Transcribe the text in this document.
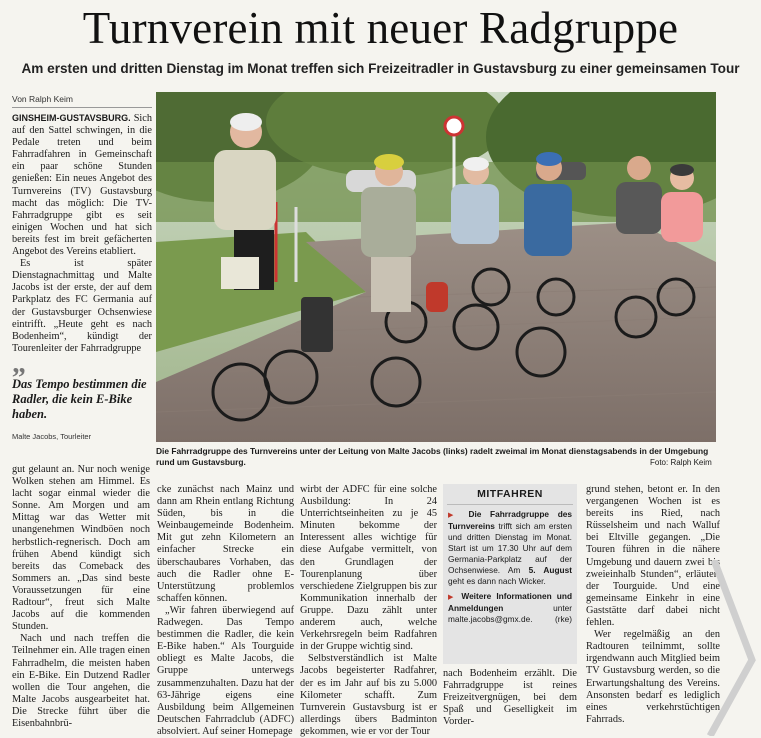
Turnverein mit neuer Radgruppe
Am ersten und dritten Dienstag im Monat treffen sich Freizeitradler in Gustavsburg zu einer gemeinsamen Tour
Von Ralph Keim

GINSHEIM-GUSTAVSBURG. Sich auf den Sattel schwingen, in die Pedale treten und beim Fahrradfahren in Gemeinschaft ein paar schöne Stunden genießen: Ein neues Angebot des Turnvereins (TV) Gustavsburg macht das möglich: Die TV-Fahrradgruppe gibt es seit einigen Wochen und hat sich bereits fest im breit gefächerten Angebot des Vereins etabliert.

Es ist später Dienstagnachmittag und Malte Jacobs ist der erste, der auf dem Parkplatz des FC Germania auf der Gustavsburger Ochsenwiese eintrifft. „Heute geht es nach Bodenheim“, kündigt der Tourenleiter der Fahrradgruppe

„
Das Tempo bestimmen die Radler, die kein E-Bike haben.
Malte Jacobs, Tourleiter
Die Fahrradgruppe des Turnvereins unter der Leitung von Malte Jacobs (links) radelt zweimal im Monat dienstagsabends in der Umgebung rund um Gustavsburg.	Foto: Ralph Keim

gut gelaunt an. Nur noch wenige Wolken stehen am Himmel. Es lacht sogar einmal wieder die Sonne. Am Morgen und am Mittag war das Wetter mit unangenehmen Windböen noch herbstlich-regnerisch. Doch am frühen Abend kündigt sich bereits das Comeback des Sommers an. „Das sind beste Voraussetzungen für eine Radtour“, freut sich Malte Jacobs auf die kommenden Stunden.

Nach und nach treffen die Teilnehmer ein. Alle tragen einen Fahrradhelm, die meisten haben ein E-Bike. Ein Dutzend Radler wollen die Tour angehen, die Malte Jacobs ausgearbeitet hat. Die Strecke führt über die Eisenbahnbrü-

cke zunächst nach Mainz und dann am Rhein entlang Richtung Süden, bis in die Weinbaugemeinde Bodenheim. Mit gut zehn Kilometern an einfacher Strecke ein überschaubares Vorhaben, das auch die Radler ohne E-Unterstützung problemlos schaffen können.

„Wir fahren überwiegend auf Radwegen. Das Tempo bestimmen die Radler, die kein E-Bike haben.“ Als Tourguide obliegt es Malte Jacobs, die Gruppe unterwegs zusammenzuhalten. Dazu hat der 63-Jährige eigens eine Ausbildung beim Allgemeinen Deutschen Fahrradclub (ADFC) absolviert. Auf seiner Homepage

wirbt der ADFC für eine solche Ausbildung: In 24 Unterrichtseinheiten zu je 45 Minuten bekomme der Interessent alles wichtige für diese Aufgabe vermittelt, von den Grundlagen der Tourenplanung über verschiedene Zielgruppen bis zur Kommunikation innerhalb der Gruppe. Dazu zählt unter anderem auch, welche Verkehrsregeln beim Radfahren in der Gruppe wichtig sind.

Selbstverständlich ist Malte Jacobs begeisterter Radfahrer, der es im Jahr auf bis zu 5.000 Kilometer schafft. Zum Turnverein Gustavsburg ist er allerdings übers Badminton gekommen, wie er vor der Tour

MITFAHREN
▶ Die Fahrradgruppe des Turnvereins trifft sich am ersten und dritten Dienstag im Monat. Start ist um 17.30 Uhr auf dem Germania-Parkplatz auf der Ochsenwiese. Am 5. August geht es dann nach Wicker.
▶ Weitere Informationen und Anmeldungen unter malte.jacobs@gmx.de.	(rke)

nach Bodenheim erzählt. Die Fahrradgruppe ist reines Freizeitvergnügen, bei dem Spaß und Geselligkeit im Vorder-

grund stehen, betont er. In den vergangenen Wochen ist es bereits ins Ried, nach Rüsselsheim und nach Walluf bei Eltville gegangen. „Die Touren führen in die nähere Umgebung und dauern zwei bis zweieinhalb Stunden“, erläutert der Tourguide. Und eine gemeinsame Einkehr in eine Gaststätte darf dabei nicht fehlen.

Wer regelmäßig an den Radtouren teilnimmt, sollte irgendwann auch Mitglied beim TV Gustavsburg werden, so die Erwartungshaltung des Vereins. Ansonsten bedarf es lediglich eines verkehrstüchtigen Fahrrads.
